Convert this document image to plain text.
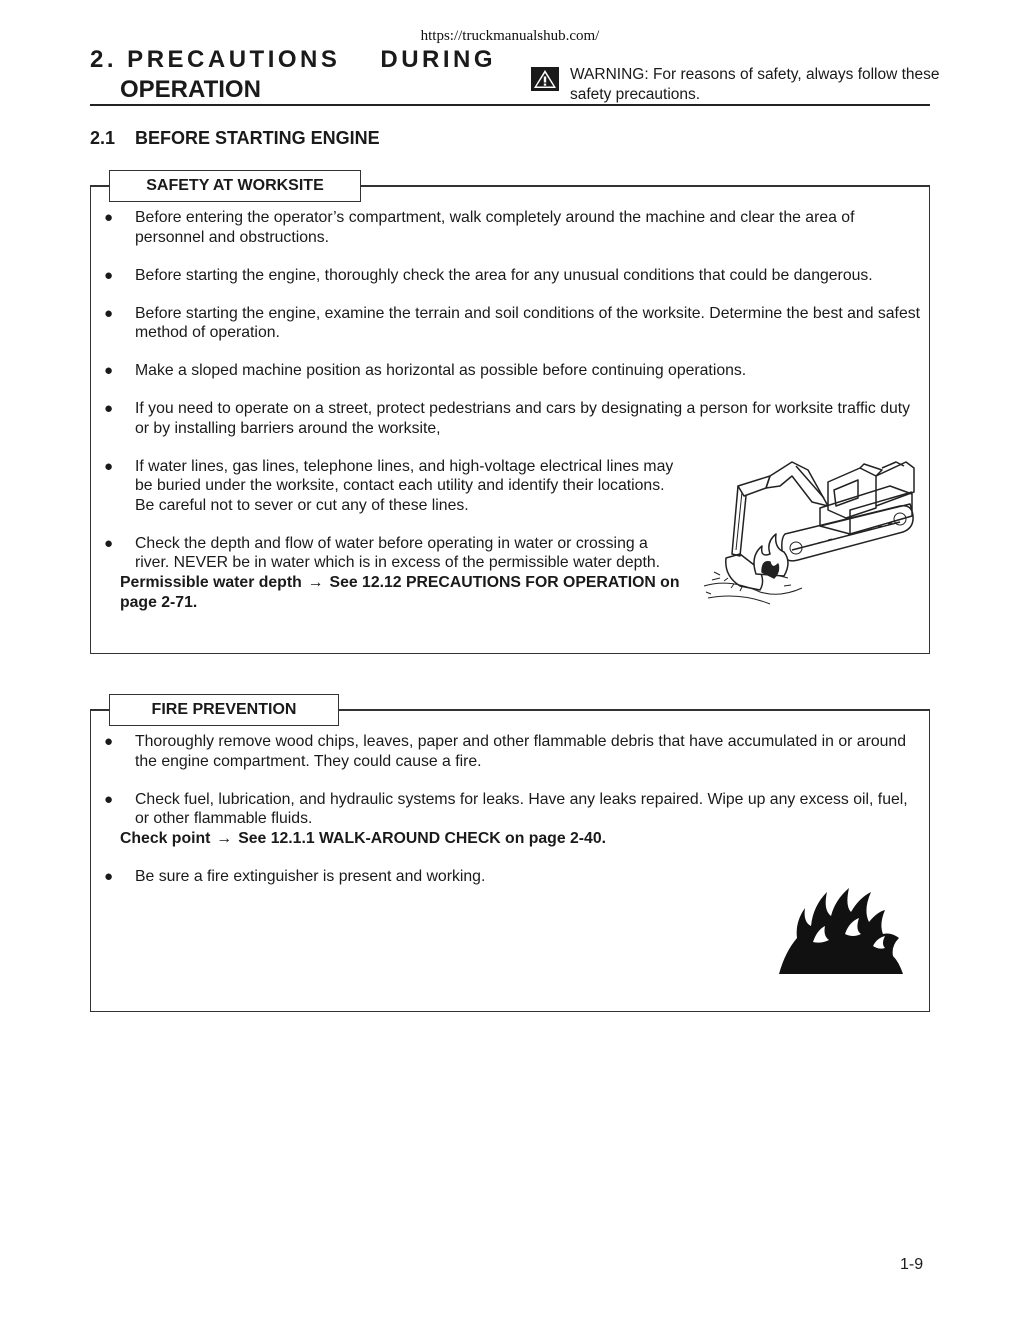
https://truckmanualshub.com/
2. PRECAUTIONS DURING
OPERATION
WARNING: For reasons of safety, always follow these safety precautions.
2.1 BEFORE STARTING ENGINE
SAFETY AT WORKSITE
● Before entering the operator’s compartment, walk completely around the machine and clear the area of personnel and obstructions.
● Before starting the engine, thoroughly check the area for any unusual conditions that could be dangerous.
● Before starting the engine, examine the terrain and soil conditions of the worksite. Determine the best and safest method of operation.
● Make a sloped machine position as horizontal as possible before continuing operations.
● If you need to operate on a street, protect pedestrians and cars by designating a person for worksite traffic duty or by installing barriers around the worksite,
● If water lines, gas lines, telephone lines, and high-voltage electrical lines may be buried under the worksite, contact each utility and identify their locations. Be careful not to sever or cut any of these lines.
● Check the depth and flow of water before operating in water or crossing a river. NEVER be in water which is in excess of the permissible water depth.
Permissible water depth → See 12.12 PRECAUTIONS FOR OPERATION on page 2-71.
FIRE PREVENTION
● Thoroughly remove wood chips, leaves, paper and other flammable debris that have accumulated in or around the engine compartment. They could cause a fire.
● Check fuel, lubrication, and hydraulic systems for leaks. Have any leaks repaired. Wipe up any excess oil, fuel, or other flammable fluids.
Check point → See 12.1.1 WALK-AROUND CHECK on page 2-40.
● Be sure a fire extinguisher is present and working.
1-9
